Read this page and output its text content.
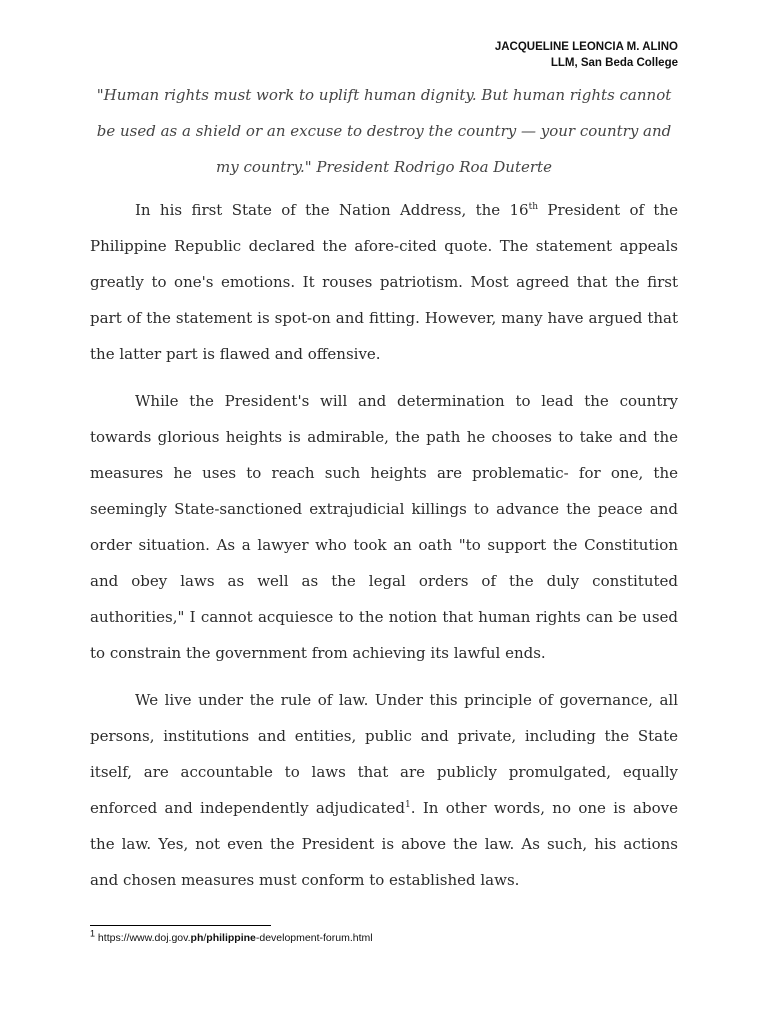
JACQUELINE LEONCIA M. ALINO
LLM, San Beda College
"Human rights must work to uplift human dignity. But human rights cannot be used as a shield or an excuse to destroy the country — your country and my country." President Rodrigo Roa Duterte

In his first State of the Nation Address, the 16th President of the Philippine Republic declared the afore-cited quote. The statement appeals greatly to one's emotions. It rouses patriotism. Most agreed that the first part of the statement is spot-on and fitting. However, many have argued that the latter part is flawed and offensive.

While the President's will and determination to lead the country towards glorious heights is admirable, the path he chooses to take and the measures he uses to reach such heights are problematic- for one, the seemingly State-sanctioned extrajudicial killings to advance the peace and order situation. As a lawyer who took an oath "to support the Constitution and obey laws as well as the legal orders of the duly constituted authorities," I cannot acquiesce to the notion that human rights can be used to constrain the government from achieving its lawful ends.

We live under the rule of law. Under this principle of governance, all persons, institutions and entities, public and private, including the State itself, are accountable to laws that are publicly promulgated, equally enforced and independently adjudicated$^1$. In other words, no one is above the law. Yes, not even the President is above the law. As such, his actions and chosen measures must conform to established laws.

$^1$ https://www.doj.gov.ph/philippine-development-forum.html
